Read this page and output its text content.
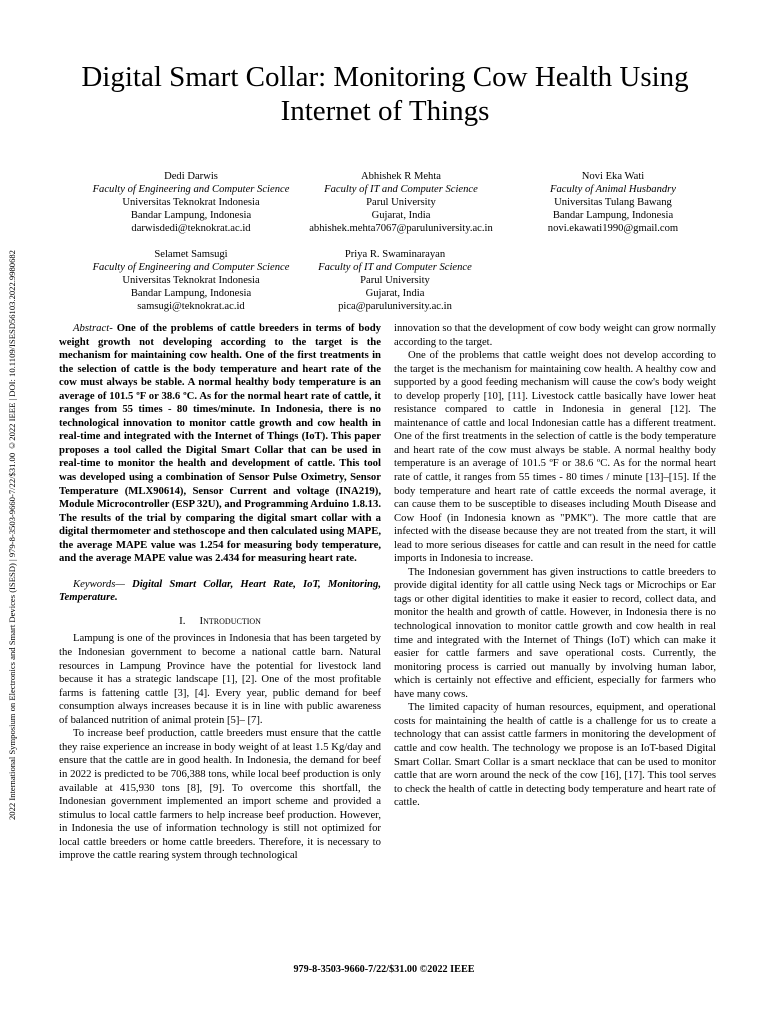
2022 International Symposium on Electronics and Smart Devices (ISESD) | 979-8-3503-9660-7/22/$31.00 ©2022 IEEE | DOI: 10.1109/ISESD56103.2022.9980682
Digital Smart Collar: Monitoring Cow Health Using Internet of Things
Dedi Darwis
Faculty of Engineering and Computer Science
Universitas Teknokrat Indonesia
Bandar Lampung, Indonesia
darwisdedi@teknokrat.ac.id
Abhishek R Mehta
Faculty of IT and Computer Science
Parul University
Gujarat, India
abhishek.mehta7067@paruluniversity.ac.in
Novi Eka Wati
Faculty of Animal Husbandry
Universitas Tulang Bawang
Bandar Lampung, Indonesia
novi.ekawati1990@gmail.com
Selamet Samsugi
Faculty of Engineering and Computer Science
Universitas Teknokrat Indonesia
Bandar Lampung, Indonesia
samsugi@teknokrat.ac.id
Priya R. Swaminarayan
Faculty of IT and Computer Science
Parul University
Gujarat, India
pica@paruluniversity.ac.in

Abstract- One of the problems of cattle breeders in terms of body weight growth not developing according to the target is the mechanism for maintaining cow health. One of the first treatments in the selection of cattle is the body temperature and heart rate of the cow must always be stable. A normal healthy body temperature is an average of 101.5 ºF or 38.6 ºC. As for the normal heart rate of cattle, it ranges from 55 times - 80 times/minute. In Indonesia, there is no technological innovation to monitor cattle growth and cow health in real-time and integrated with the Internet of Things (IoT). This paper proposes a tool called the Digital Smart Collar that can be used in real-time to monitor the health and development of cattle. This tool was developed using a combination of Sensor Pulse Oximetry, Sensor Temperature (MLX90614), Sensor Current and voltage (INA219), Module Microcontroller (ESP 32U), and Programming Arduino 1.8.13. The results of the trial by comparing the digital smart collar with a digital thermometer and stethoscope and then calculated using MAPE, the average MAPE value was 1.254 for measuring body temperature, and the average MAPE value was 2.434 for measuring heart rate.

Keywords— Digital Smart Collar, Heart Rate, IoT, Monitoring, Temperature.

I. Introduction

Lampung is one of the provinces in Indonesia that has been targeted by the Indonesian government to become a national cattle barn. Natural resources in Lampung Province have the potential for livestock land because it has a strategic landscape [1], [2]. One of the most profitable farms is fattening cattle [3], [4]. Every year, public demand for beef consumption always increases because it is in line with public awareness of balanced nutrition of animal protein [5]– [7].

To increase beef production, cattle breeders must ensure that the cattle they raise experience an increase in body weight of at least 1.5 Kg/day and ensure that the cattle are in good health. In Indonesia, the demand for beef in 2022 is predicted to be 706,388 tons, while local beef production is only available at 415,930 tons [8], [9]. To overcome this shortfall, the Indonesian government implemented an import scheme and provided a stimulus to local cattle farmers to help increase beef production. However, in Indonesia the use of information technology is still not optimized for local cattle breeders or home cattle breeders. Therefore, it is necessary to improve the cattle rearing system through technological

innovation so that the development of cow body weight can grow normally according to the target.

One of the problems that cattle weight does not develop according to the target is the mechanism for maintaining cow health. A healthy cow and supported by a good feeding mechanism will cause the cow's body weight to develop properly [10], [11]. Livestock cattle basically have lower heat resistance compared to cattle in Indonesia in general [12]. The maintenance of cattle and local Indonesian cattle has a different treatment. One of the first treatments in the selection of cattle is the body temperature and heart rate of the cow must always be stable. A normal healthy body temperature is an average of 101.5 ºF or 38.6 ºC. As for the normal heart rate of cattle, it ranges from 55 times - 80 times / minute [13]–[15]. If the body temperature and heart rate of cattle exceeds the normal average, it can cause them to be susceptible to diseases including Mouth Disease and Cow Hoof (in Indonesia known as "PMK"). The more cattle that are infected with the disease because they are not treated from the start, it will lead to more serious diseases for cattle and can result in the need for cattle imports in Indonesia to increase.

The Indonesian government has given instructions to cattle breeders to provide digital identity for all cattle using Neck tags or Microchips or Ear tags or other digital identities to make it easier to record, collect data, and monitor the health and growth of cattle. However, in Indonesia there is no technological innovation to monitor cattle growth and cow health in real time and integrated with the Internet of Things (IoT) which can make it easier for cattle farmers and save operational costs. Currently, the monitoring process is carried out manually by involving human labor, which is certainly not effective and efficient, especially for farmers who have many cows.

The limited capacity of human resources, equipment, and operational costs for maintaining the health of cattle is a challenge for us to create a technology that can assist cattle farmers in monitoring the development of cattle and cow health. The technology we propose is an IoT-based Digital Smart Collar. Smart Collar is a smart necklace that can be used to monitor cattle that are worn around the neck of the cow [16], [17]. This tool serves to check the health of cattle in detecting body temperature and heart rate of cattle.

979-8-3503-9660-7/22/$31.00 ©2022 IEEE
